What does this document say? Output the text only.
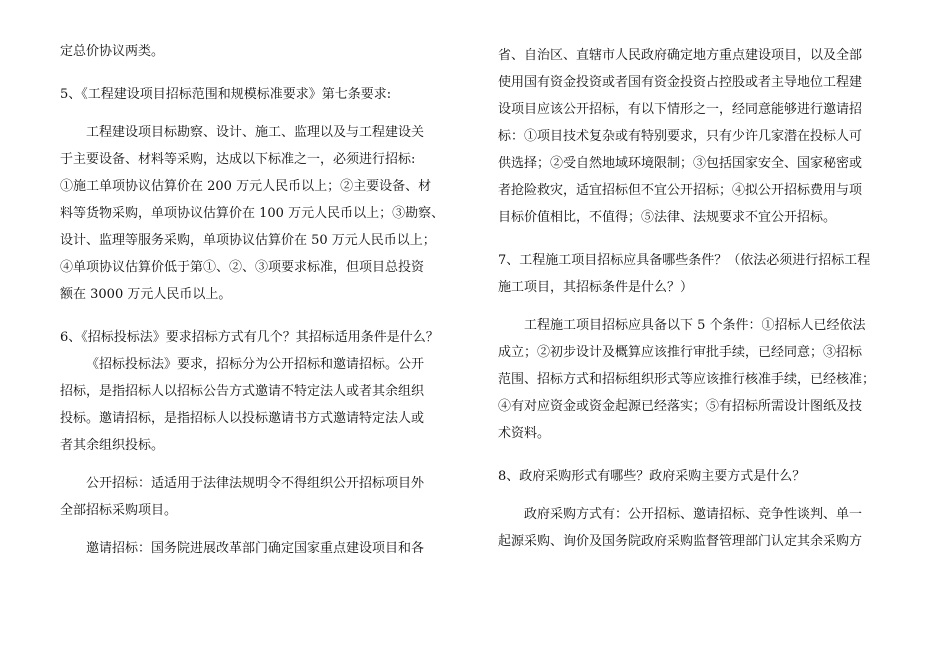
定总价协议两类。
5、《工程建设项目招标范围和规模标准要求》第七条要求:
工程建设项目标勘察、设计、施工、监理以及与工程建设关
于主要设备、材料等采购，达成以下标准之一，必须进行招标:
①施工单项协议估算价在 200 万元人民币以上；②主要设备、材
料等货物采购，单项协议估算价在 100 万元人民币以上；③勘察、
设计、监理等服务采购，单项协议估算价在 50 万元人民币以上；
④单项协议估算价低于第①、②、③项要求标准，但项目总投资
额在 3000 万元人民币以上。
6、《招标投标法》要求招标方式有几个？其招标适用条件是什么？
《招标投标法》要求，招标分为公开招标和邀请招标。公开
招标，是指招标人以招标公告方式邀请不特定法人或者其余组织
投标。邀请招标，是指招标人以投标邀请书方式邀请特定法人或
者其余组织投标。
公开招标：适适用于法律法规明令不得组织公开招标项目外
全部招标采购项目。
邀请招标：国务院进展改革部门确定国家重点建设项目和各
省、自治区、直辖市人民政府确定地方重点建设项目，以及全部
使用国有资金投资或者国有资金投资占控股或者主导地位工程建
设项目应该公开招标，有以下情形之一，经同意能够进行邀请招
标：①项目技术复杂或有特别要求，只有少许几家潜在投标人可
供选择；②受自然地域环境限制；③包括国家安全、国家秘密或
者抢险救灾，适宜招标但不宜公开招标；④拟公开招标费用与项
目标价值相比，不值得；⑤法律、法规要求不宜公开招标。
7、工程施工项目招标应具备哪些条件？（依法必须进行招标工程
施工项目，其招标条件是什么？）
工程施工项目招标应具备以下 5 个条件：①招标人已经依法
成立；②初步设计及概算应该推行审批手续，已经同意；③招标
范围、招标方式和招标组织形式等应该推行核准手续，已经核准；
④有对应资金或资金起源已经落实；⑤有招标所需设计图纸及技
术资料。
8、政府采购形式有哪些？政府采购主要方式是什么？
政府采购方式有：公开招标、邀请招标、竞争性谈判、单一
起源采购、询价及国务院政府采购监督管理部门认定其余采购方
